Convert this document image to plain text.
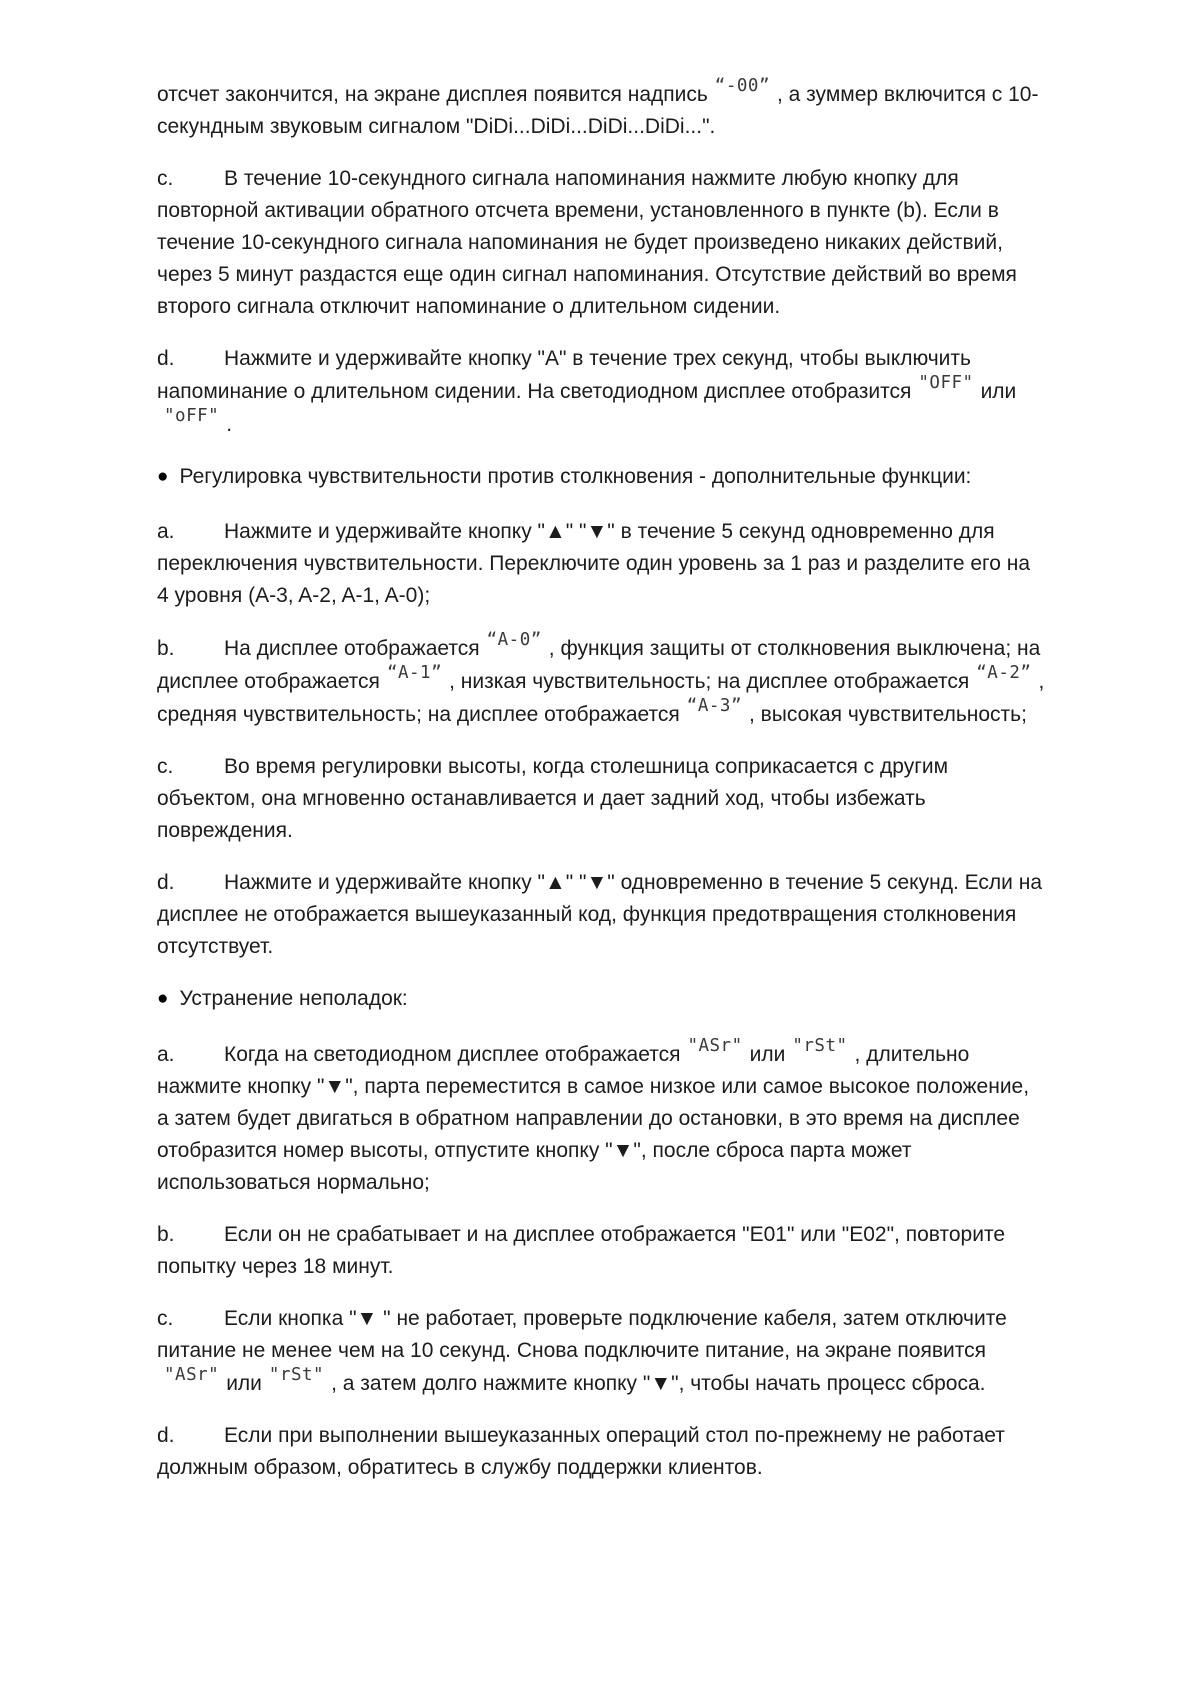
отсчет закончится, на экране дисплея появится надпись “-00” , а зуммер включится с 10-секундным звуковым сигналом "DiDi...DiDi...DiDi...DiDi...".

c. В течение 10-секундного сигнала напоминания нажмите любую кнопку для повторной активации обратного отсчета времени, установленного в пункте (b). Если в течение 10-секундного сигнала напоминания не будет произведено никаких действий, через 5 минут раздастся еще один сигнал напоминания. Отсутствие действий во время второго сигнала отключит напоминание о длительном сидении.

d. Нажмите и удерживайте кнопку "A" в течение трех секунд, чтобы выключить напоминание о длительном сидении. На светодиодном дисплее отобразится "OFF" или"oFF" .

● Регулировка чувствительности против столкновения - дополнительные функции:

a. Нажмите и удерживайте кнопку "▲" "▼" в течение 5 секунд одновременно для переключения чувствительности. Переключите один уровень за 1 раз и разделите его на 4 уровня (A-3, A-2, A-1, A-0);

b. На дисплее отображается “A-0” , функция защиты от столкновения выключена; на дисплее отображается “A-1” , низкая чувствительность; на дисплее отображается “A-2” , средняя чувствительность; на дисплее отображается “A-3” , высокая чувствительность;

c. Во время регулировки высоты, когда столешница соприкасается с другим объектом, она мгновенно останавливается и дает задний ход, чтобы избежать повреждения.

d. Нажмите и удерживайте кнопку "▲" "▼" одновременно в течение 5 секунд. Если на дисплее не отображается вышеуказанный код, функция предотвращения столкновения отсутствует.

● Устранение неполадок:

a. Когда на светодиодном дисплее отображается "ASr" или "rSt" , длительно нажмите кнопку "▼", парта переместится в самое низкое или самое высокое положение, а затем будет двигаться в обратном направлении до остановки, в это время на дисплее отобразится номер высоты, отпустите кнопку "▼", после сброса парта может использоваться нормально;

b. Если он не срабатывает и на дисплее отображается "E01" или "E02", повторите попытку через 18 минут.

c. Если кнопка "▼ " не работает, проверьте подключение кабеля, затем отключите питание не менее чем на 10 секунд. Снова подключите питание, на экране появится"ASr" или "rSt" , а затем долго нажмите кнопку "▼", чтобы начать процесс сброса.

d. Если при выполнении вышеуказанных операций стол по-прежнему не работает должным образом, обратитесь в службу поддержки клиентов.
